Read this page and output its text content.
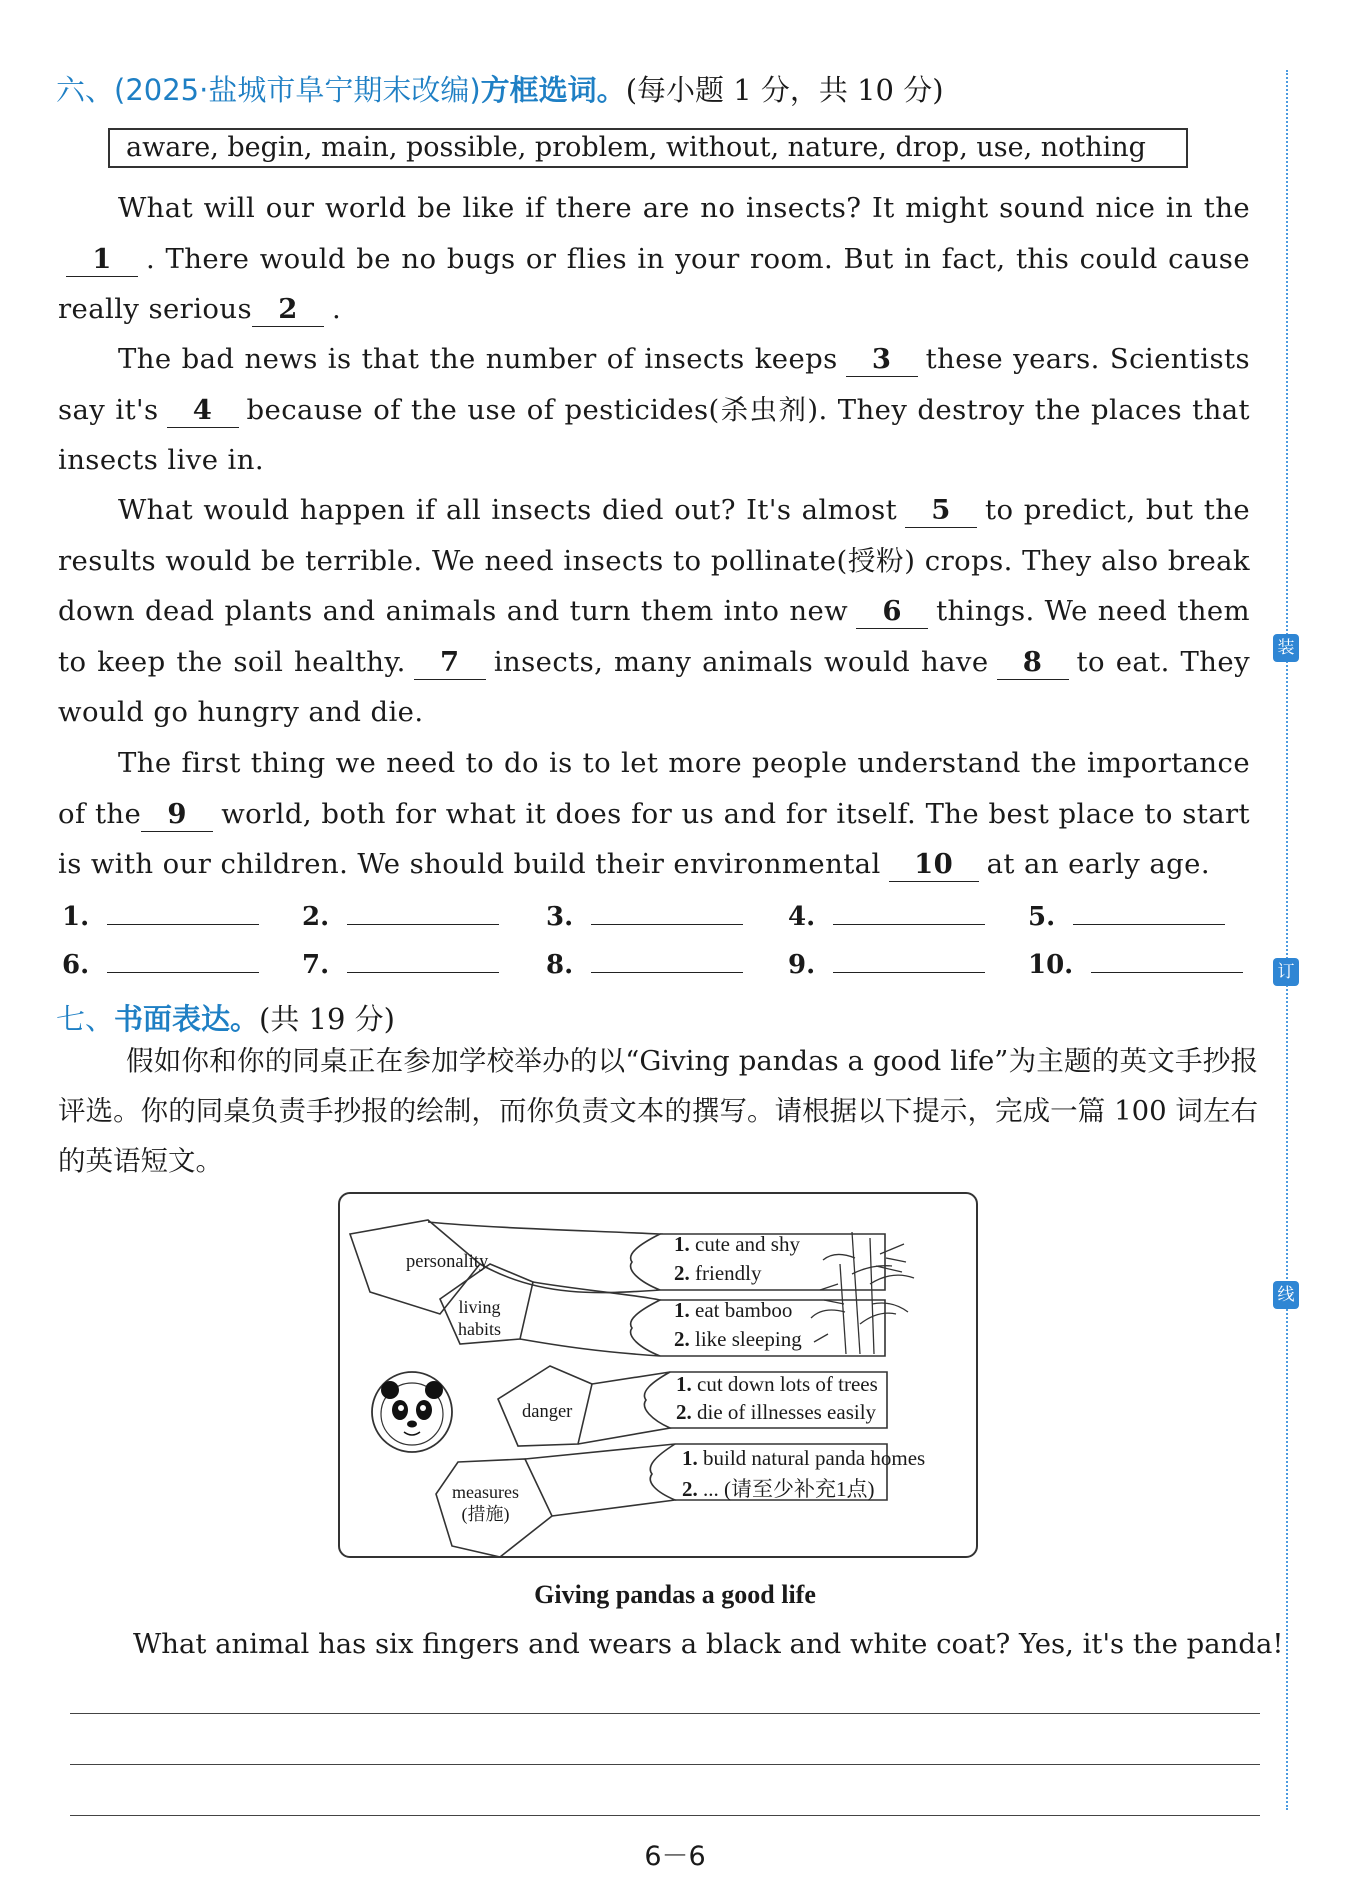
六、(2025·盐城市阜宁期末改编)方框选词。(每小题 1 分，共 10 分)
aware, begin, main, possible, problem, without, nature, drop, use, nothing
What will our world be like if there are no insects? It might sound nice in the1 . There would be no bugs or flies in your room. But in fact, this could cause really serious 2 .
The bad news is that the number of insects keeps 3 these years. Scientists say it's 4 because of the use of pesticides(杀虫剂). They destroy the places that insects live in.
What would happen if all insects died out? It's almost 5 to predict, but the results would be terrible. We need insects to pollinate(授粉) crops. They also break down dead plants and animals and turn them into new 6 things. We need them to keep the soil healthy. 7 insects, many animals would have 8 to eat. They would go hungry and die.
The first thing we need to do is to let more people understand the importance of the 9 world, both for what it does for us and for itself. The best place to start is with our children. We should build their environmental 10 at an early age.
1.	2.	3.	4.	5.
6.	7.	8.	9.	10.
七、书面表达。(共 19 分)
假如你和你的同桌正在参加学校举办的以“Giving pandas a good life”为主题的英文手抄报评选。你的同桌负责手抄报的绘制，而你负责文本的撰写。请根据以下提示，完成一篇 100 词左右的英语短文。
personality
living
habits
danger
measures
(措施)
1. cute and shy
2. friendly
1. eat bamboo
2. like sleeping
1. cut down lots of trees
2. die of illnesses easily
1. build natural panda homes
2. ... (请至少补充1点)
Giving pandas a good life
What animal has six fingers and wears a black and white coat? Yes, it's the panda!
6－6
装
订
线
